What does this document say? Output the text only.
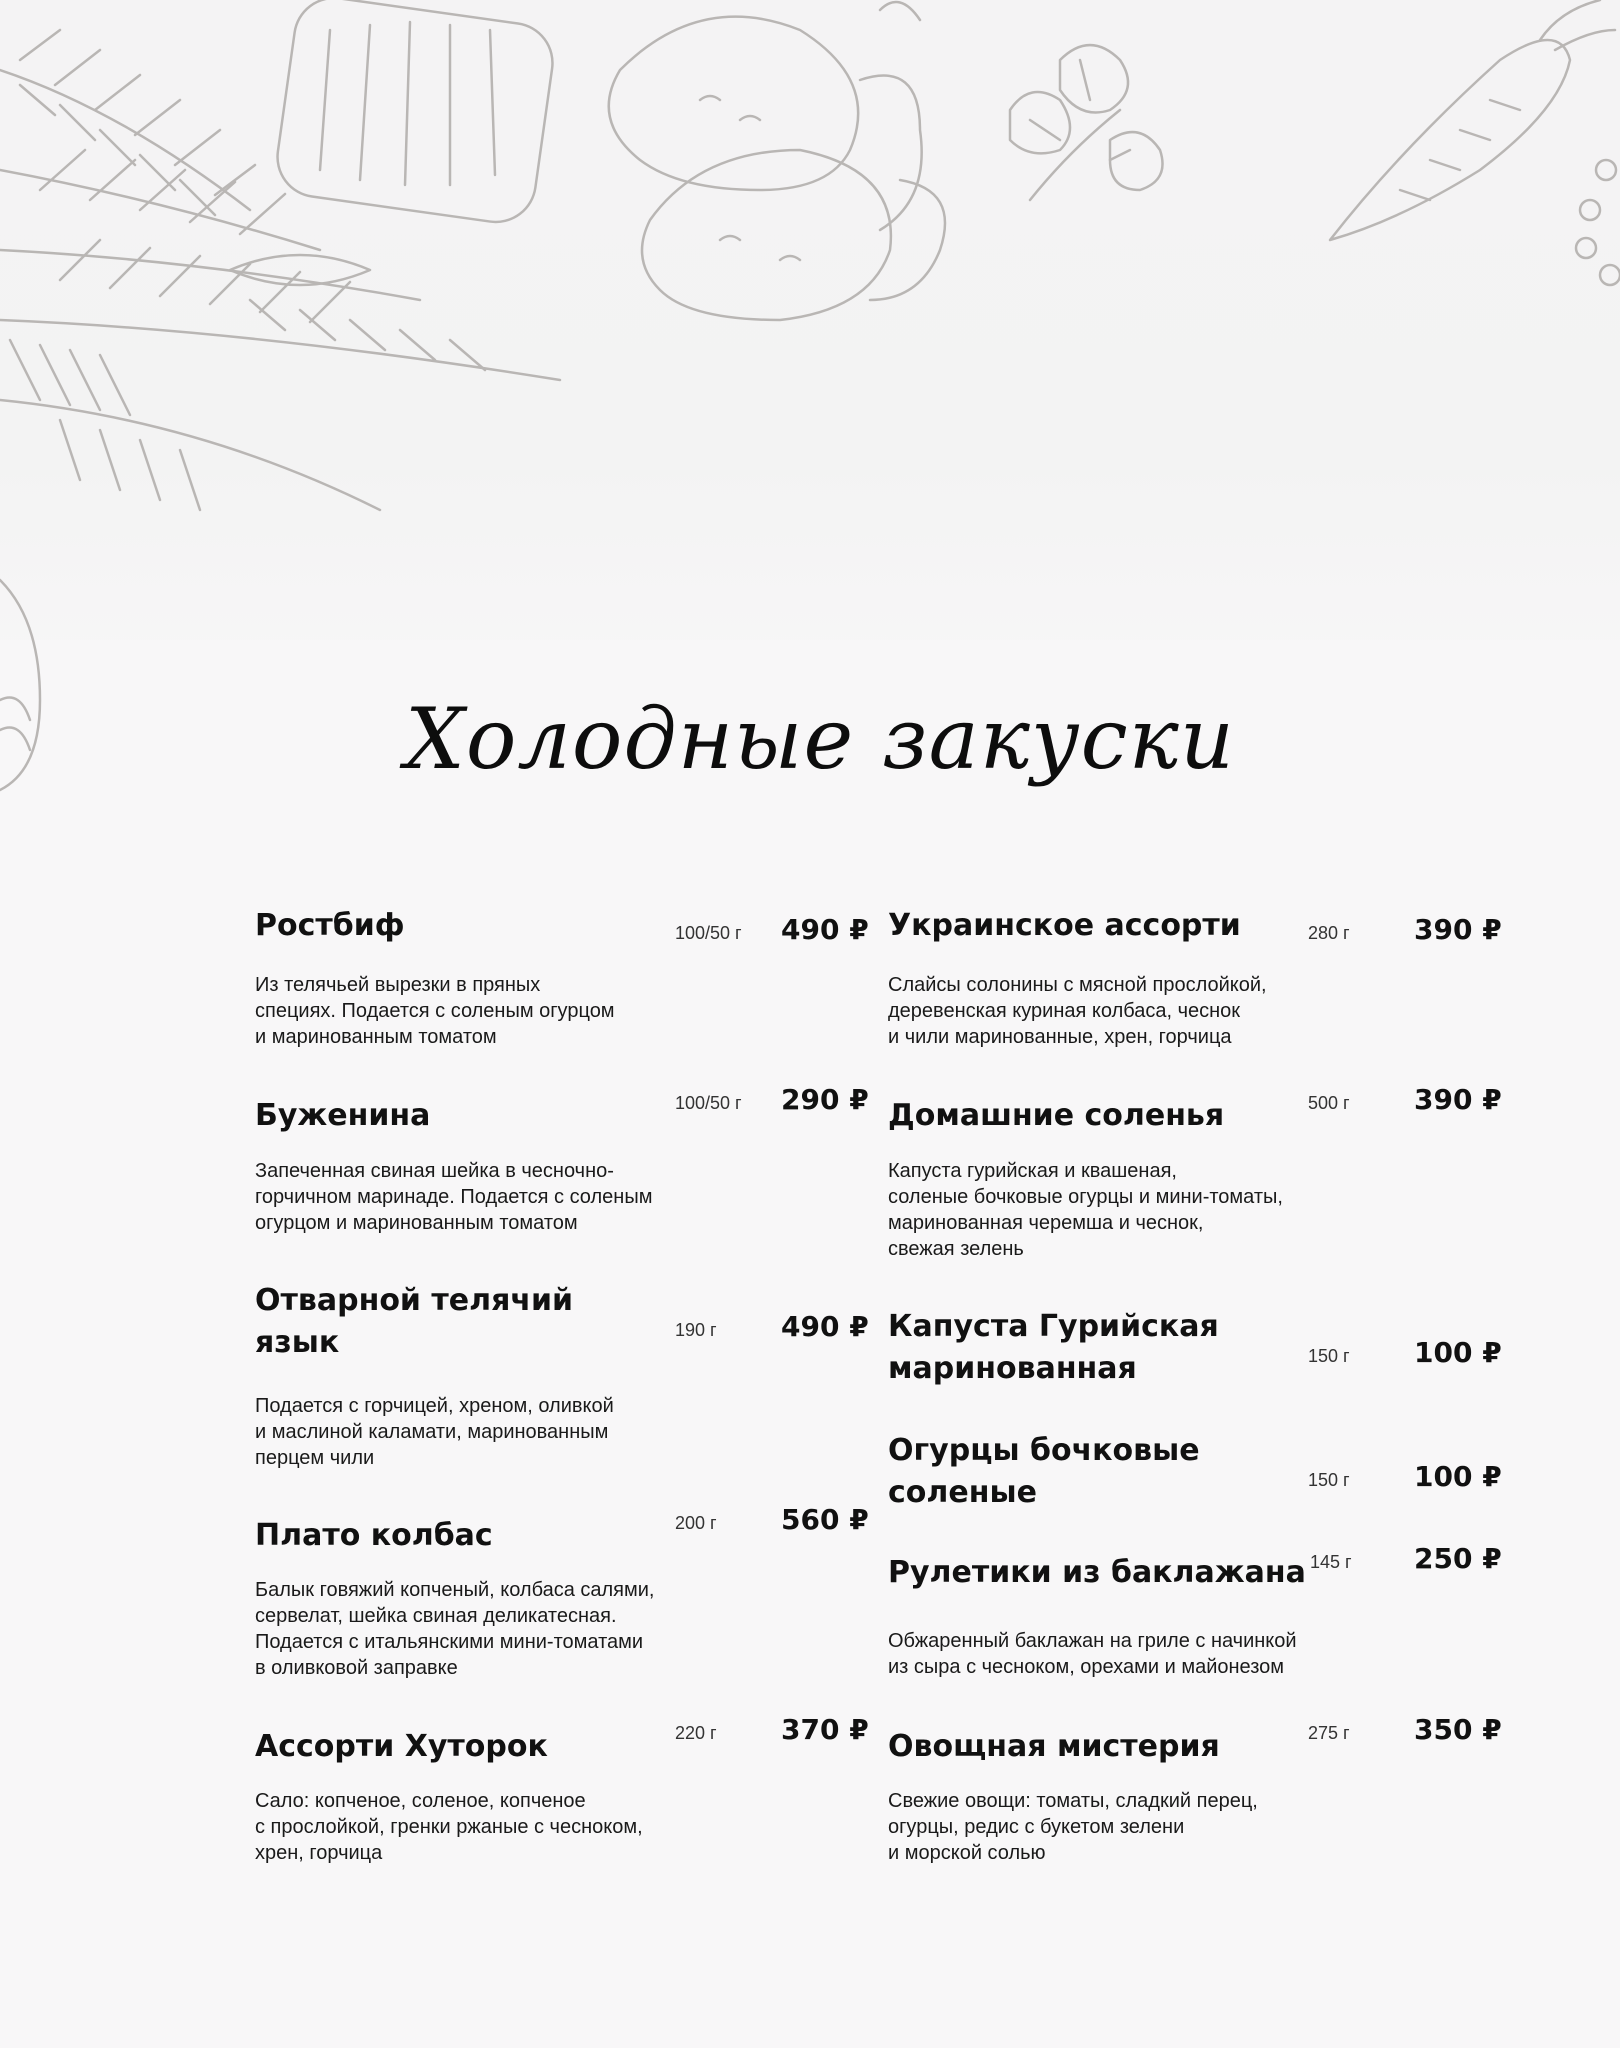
Холодные закуски
Ростбиф	100/50 г 490 ₽
Из телячьей вырезки в пряных
специях. Подается с соленым огурцом
и маринованным томатом
Буженина	100/50 г 290 ₽
Запеченная свиная шейка в чесночно-
горчичном маринаде. Подается с соленым
огурцом и маринованным томатом
Отварной телячий
язык	190 г 490 ₽
Подается с горчицей, хреном, оливкой
и маслиной каламати, маринованным
перцем чили
Плато колбас	200 г 560 ₽
Балык говяжий копченый, колбаса салями,
сервелат, шейка свиная деликатесная.
Подается с итальянскими мини-томатами
в оливковой заправке
Ассорти Хуторок	220 г 370 ₽
Сало: копченое, соленое, копченое
с прослойкой, гренки ржаные с чесноком,
хрен, горчица
Украинское ассорти	280 г 390 ₽
Слайсы солонины с мясной прослойкой,
деревенская куриная колбаса, чеснок
и чили маринованные, хрен, горчица
Домашние соленья	500 г 390 ₽
Капуста гурийская и квашеная,
соленые бочковые огурцы и мини-томаты,
маринованная черемша и чеснок,
свежая зелень
Капуста Гурийская
маринованная	150 г 100 ₽
Огурцы бочковые
соленые	150 г 100 ₽
Рулетики из баклажана 145 г 250 ₽
Обжаренный баклажан на гриле с начинкой
из сыра с чесноком, орехами и майонезом
Овощная мистерия	275 г 350 ₽
Свежие овощи: томаты, сладкий перец,
огурцы, редис с букетом зелени
и морской солью
